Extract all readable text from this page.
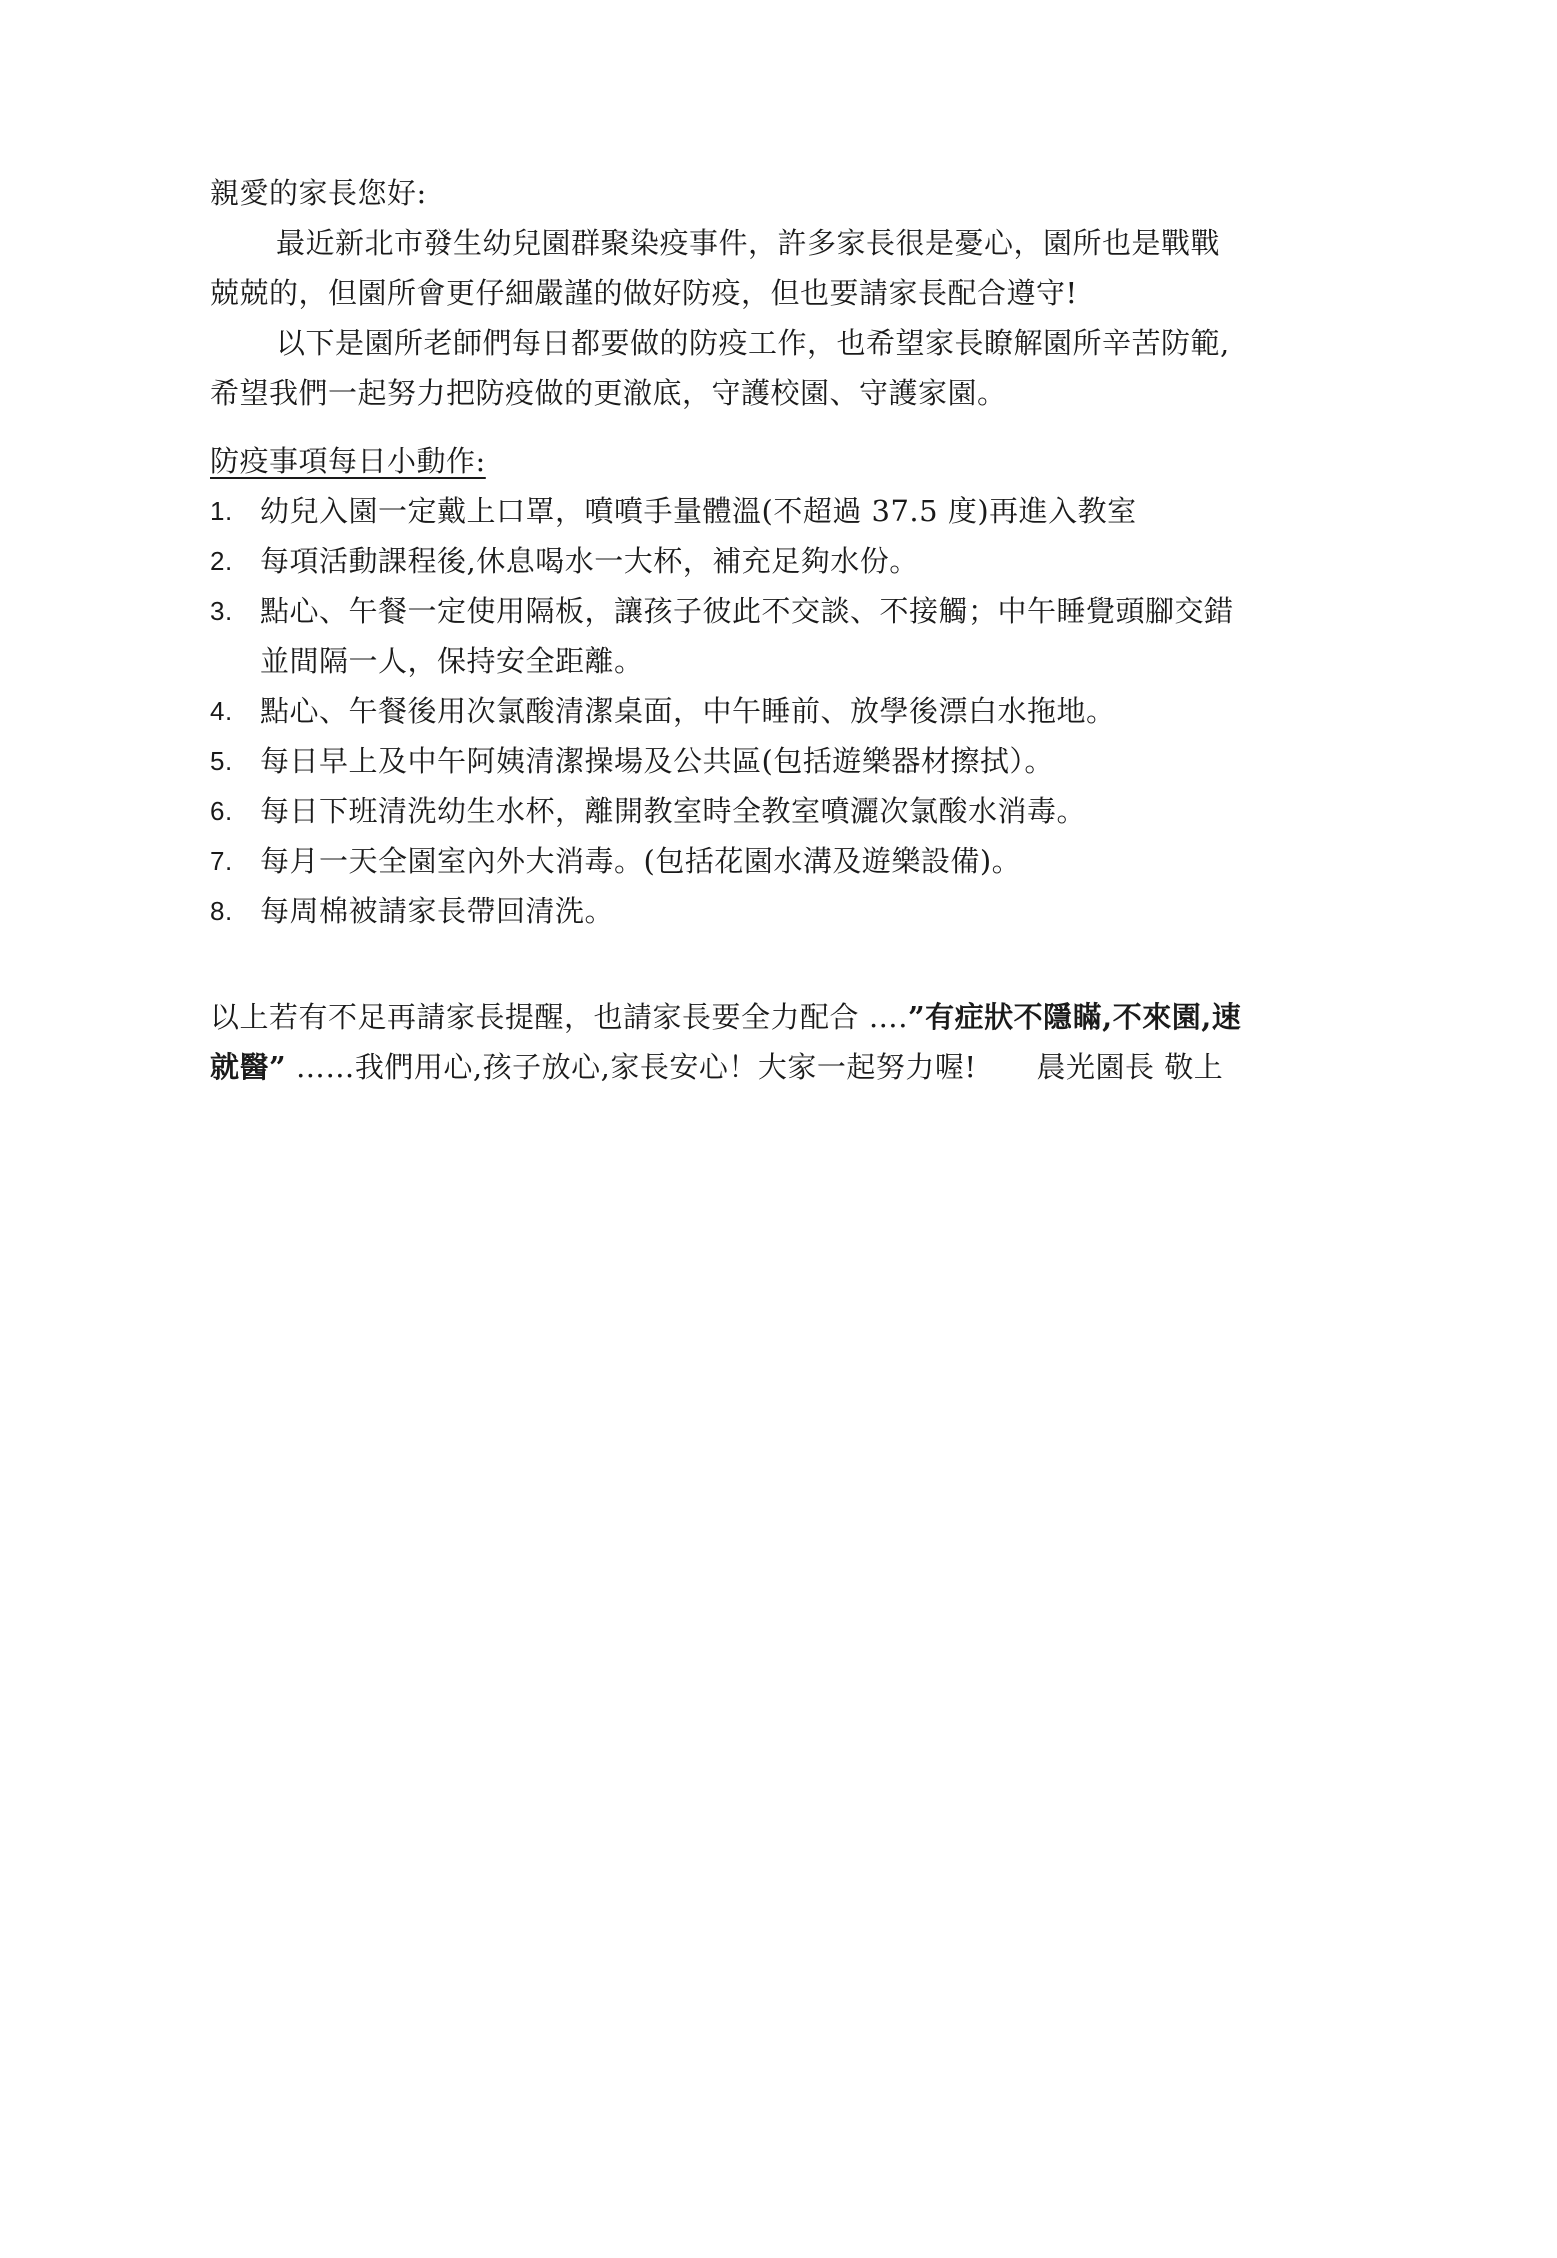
親愛的家長您好:
最近新北市發生幼兒園群聚染疫事件，許多家長很是憂心，園所也是戰戰
兢兢的，但園所會更仔細嚴謹的做好防疫，但也要請家長配合遵守!
以下是園所老師們每日都要做的防疫工作，也希望家長瞭解園所辛苦防範,
希望我們一起努力把防疫做的更澈底，守護校園、守護家園。
防疫事項每日小動作:
1. 幼兒入園一定戴上口罩，噴噴手量體溫(不超過 37.5 度)再進入教室
2. 每項活動課程後,休息喝水一大杯，補充足夠水份。
3. 點心、午餐一定使用隔板，讓孩子彼此不交談、不接觸；中午睡覺頭腳交錯
並間隔一人，保持安全距離。
4. 點心、午餐後用次氯酸清潔桌面，中午睡前、放學後漂白水拖地。
5. 每日早上及中午阿姨清潔操場及公共區(包括遊樂器材擦拭）。
6. 每日下班清洗幼生水杯，離開教室時全教室噴灑次氯酸水消毒。
7. 每月一天全園室內外大消毒。(包括花園水溝及遊樂設備)。
8. 每周棉被請家長帶回清洗。
以上若有不足再請家長提醒，也請家長要全力配合 ….”有症狀不隱瞞,不來園,速
就醫” ……我們用心,孩子放心,家長安心！大家一起努力喔! 晨光園長 敬上
